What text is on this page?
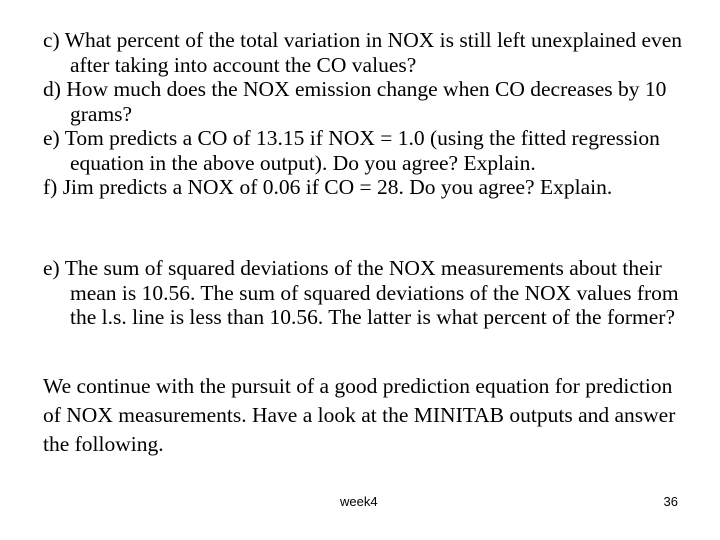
c) What percent of the total variation in NOX is still left unexplained even after taking into account the CO values?

d) How much does the NOX emission change when CO decreases by 10 grams?

e) Tom predicts a CO of 13.15 if NOX = 1.0 (using the fitted regression equation in the above output). Do you agree? Explain.

f) Jim predicts a NOX of 0.06 if CO = 28. Do you agree? Explain.

e) The sum of squared deviations of the NOX measurements about their mean is 10.56. The sum of squared deviations of the NOX values from the l.s. line is less than 10.56. The latter is what percent of the former?

We continue with the pursuit of a good prediction equation for prediction of NOX measurements. Have a look at the MINITAB outputs and answer the following.

week4	36
